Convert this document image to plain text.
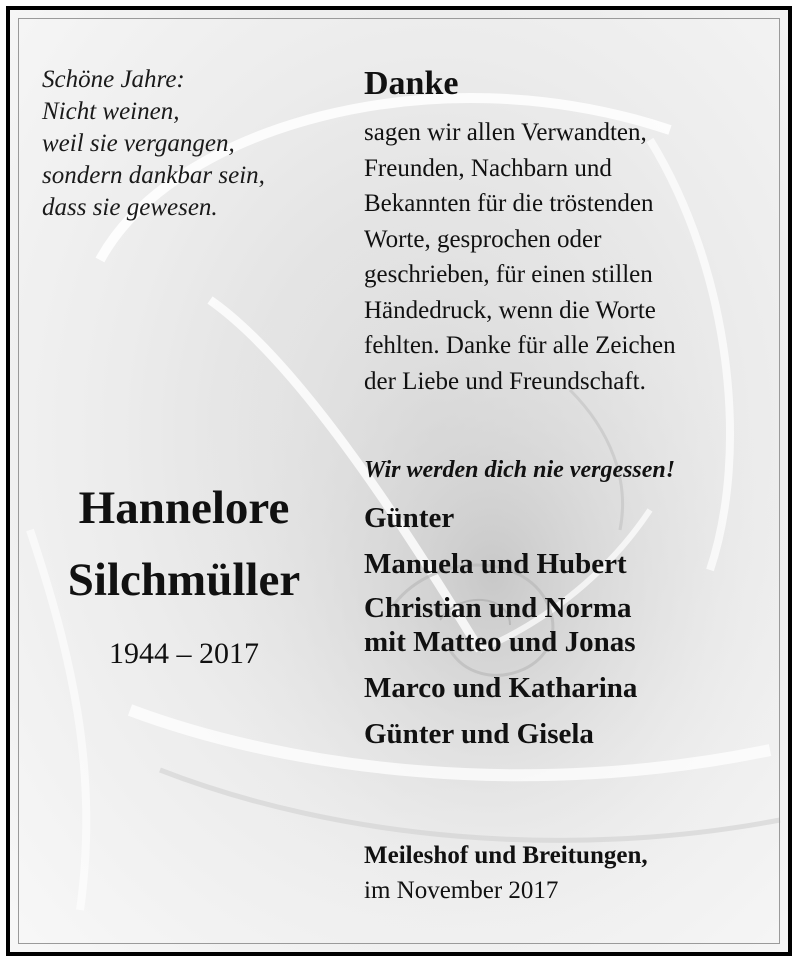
Schöne Jahre:
Nicht weinen,
weil sie vergangen,
sondern dankbar sein,
dass sie gewesen.
Danke
sagen wir allen Verwandten,
Freunden, Nachbarn und
Bekannten für die tröstenden
Worte, gesprochen oder
geschrieben, für einen stillen
Händedruck, wenn die Worte
fehlten. Danke für alle Zeichen
der Liebe und Freundschaft.
Wir werden dich nie vergessen!
Günter
Manuela und Hubert
Christian und Norma
mit Matteo und Jonas
Marco und Katharina
Günter und Gisela
Hannelore
Silchmüller
1944 – 2017
Meileshof und Breitungen,
im November 2017
